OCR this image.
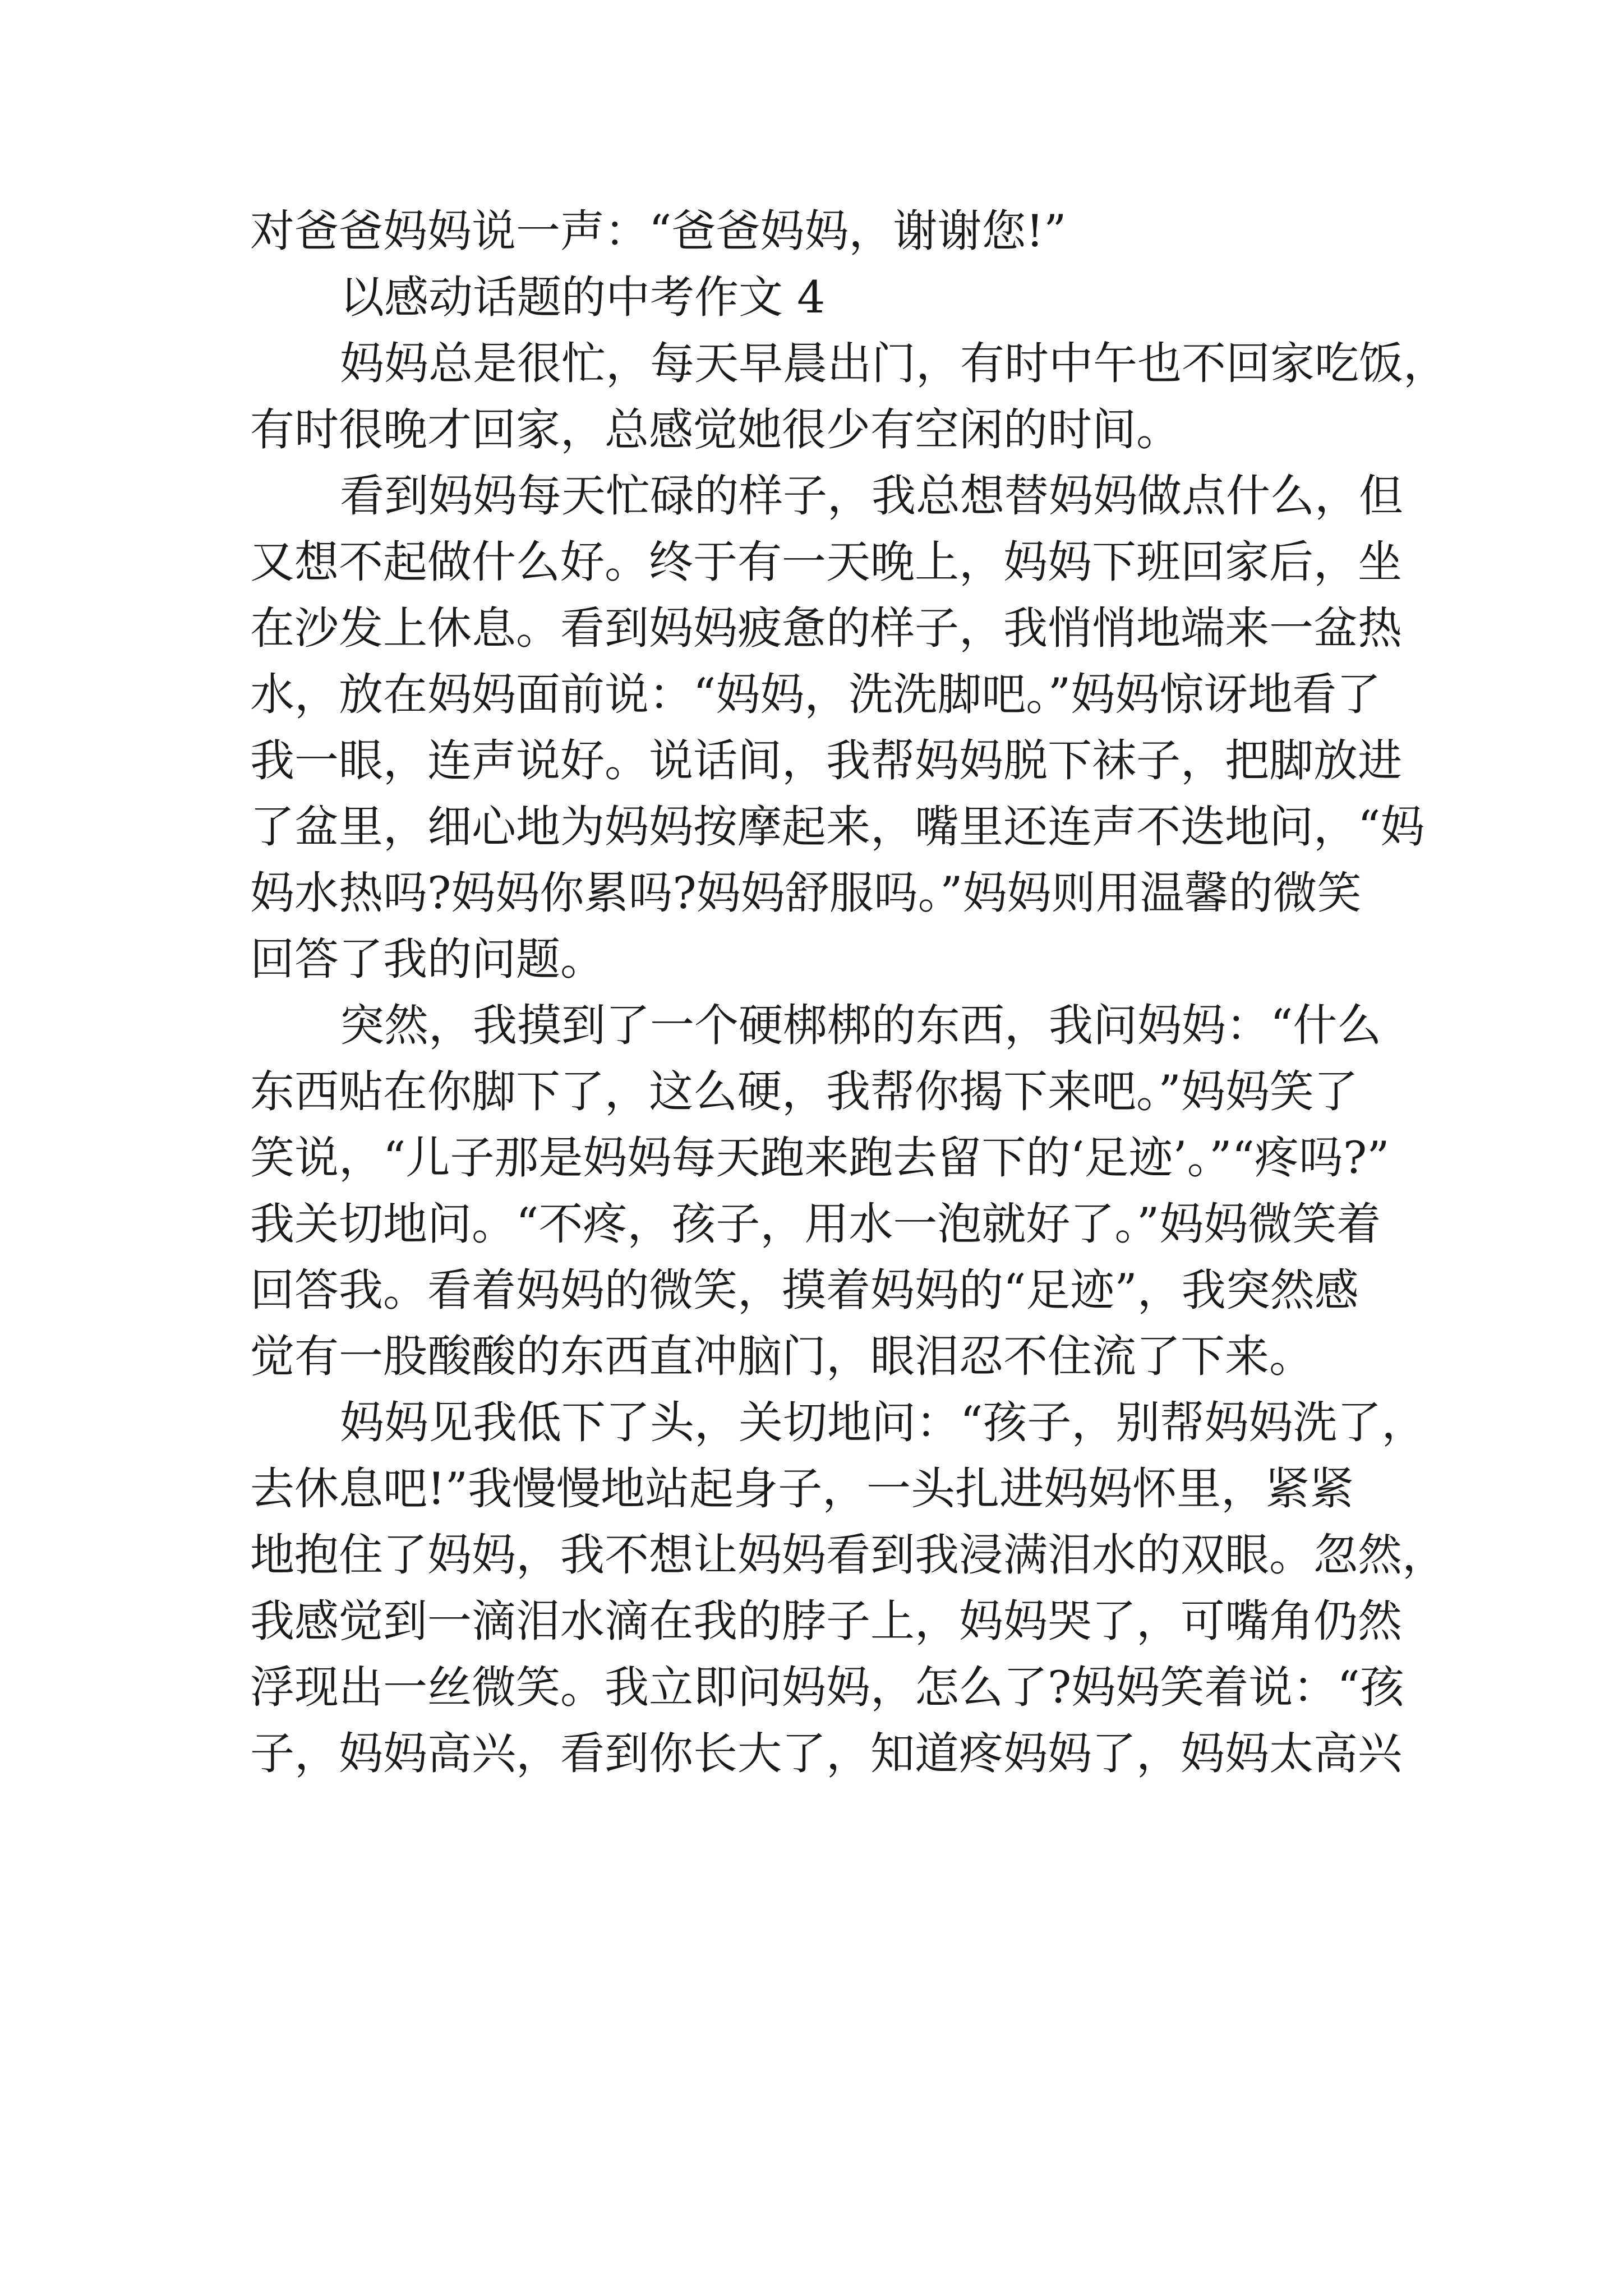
对爸爸妈妈说一声：“爸爸妈妈，谢谢您!”
以感动话题的中考作文 4
妈妈总是很忙，每天早晨出门，有时中午也不回家吃饭，
有时很晚才回家，总感觉她很少有空闲的时间。
看到妈妈每天忙碌的样子，我总想替妈妈做点什么，但
又想不起做什么好。终于有一天晚上，妈妈下班回家后，坐
在沙发上休息。看到妈妈疲惫的样子，我悄悄地端来一盆热
水，放在妈妈面前说：“妈妈，洗洗脚吧。”妈妈惊讶地看了
我一眼，连声说好。说话间，我帮妈妈脱下袜子，把脚放进
了盆里，细心地为妈妈按摩起来，嘴里还连声不迭地问，“妈
妈水热吗?妈妈你累吗?妈妈舒服吗。”妈妈则用温馨的微笑
回答了我的问题。
突然，我摸到了一个硬梆梆的东西，我问妈妈：“什么
东西贴在你脚下了，这么硬，我帮你揭下来吧。”妈妈笑了
笑说，“儿子那是妈妈每天跑来跑去留下的‘足迹’。”“疼吗?”
我关切地问。“不疼，孩子，用水一泡就好了。”妈妈微笑着
回答我。看着妈妈的微笑，摸着妈妈的“足迹”，我突然感
觉有一股酸酸的东西直冲脑门，眼泪忍不住流了下来。
妈妈见我低下了头，关切地问：“孩子，别帮妈妈洗了，
去休息吧!”我慢慢地站起身子，一头扎进妈妈怀里，紧紧
地抱住了妈妈，我不想让妈妈看到我浸满泪水的双眼。忽然，
我感觉到一滴泪水滴在我的脖子上，妈妈哭了，可嘴角仍然
浮现出一丝微笑。我立即问妈妈，怎么了?妈妈笑着说：“孩
子，妈妈高兴，看到你长大了，知道疼妈妈了，妈妈太高兴
